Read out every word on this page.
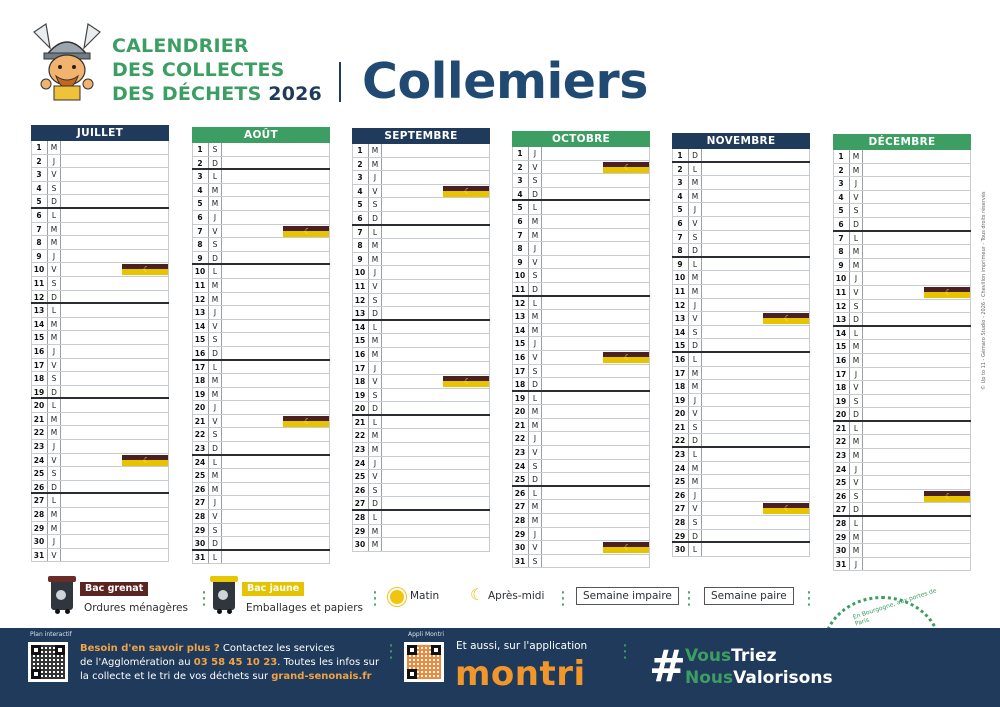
CALENDRIER
DES COLLECTES
DES DÉCHETS 2026 Collemiers
JUILLET
1	M
2	J
3	V
4	S
5	D
6	L
7	M
8	M
9	J
10 V	☾
11 S
12 D
13	L
14 M
15 M
16	J
17 V
18 S
19 D
20	L
21 M
22 M
23	J
24 V	☾
25 S
26 D
27	L
28 M
29 M
30	J
31 V
AOÛT
1	S
2	D
3	L
4	M
5	M
6	J
7	V	☾
8	S
9	D
10	L
11 M
12 M
13	J
14 V
15 S
16 D
17	L
18 M
19 M
20	J
21 V	☾
22 S
23 D
24	L
25 M
26 M
27	J
28 V
29 S
30 D
31	L
SEPTEMBRE
1	M
2	M
3	J
4	V	☾
5	S
6	D
7	L
8	M
9	M
10	J
11 V
12 S
13 D
14	L
15 M
16 M
17	J
18 V	☾
19 S
20 D
21	L
22 M
23 M
24	J
25 V
26 S
27 D
28	L
29 M
30 M
OCTOBRE
1	J
2	V	☾
3	S
4	D
5	L
6	M
7	M
8	J
9	V
10 S
11 D
12	L
13 M
14 M
15	J
16 V	☾
17 S
18 D
19	L
20 M
21 M
22	J
23 V
24 S
25 D
26	L
27 M
28 M
29	J
30 V	☾
31 S
NOVEMBRE
1	D
2	L
3	M
4	M
5	J
6	V
7	S
8	D
9	L
10 M
11 M
12	J
13 V	☾
14 S
15 D
16	L
17 M
18 M
19	J
20 V
21 S
22 D
23	L
24 M
25 M
26	J
27 V	☾
28 S
29 D
30	L
DÉCEMBRE
1	M
2	M
3	J
4	V
5	S
6	D
7	L
8	M
9	M
10	J
11 V	☾
12 S
13 D
14	L
15 M
16 M
17	J
18 V
19 S
20 D
21	L
22 M
23 M
24	J
25 V
26 S	☾
27 D
28	L
29 M
30 M
31	J
Bac grenat
Ordures ménagères ⋮	Bac jaune
Emballages et papiers ⋮ Matin ☾ Après-midi ⋮	Semaine impaire ⋮	Semaine paire ⋮	En Bourgogne, aux portes de Paris
Plan interactif
Besoin d'en savoir plus ? Contactez les services
de l'Agglomération au 03 58 45 10 23. Toutes les infos sur
la collecte et le tri de vos déchets sur grand-senonais.fr
⋮
Appli Montri
Et aussi, sur l'application
montri
⋮ # VousTriez
NousValorisons
© Up to 11 - Gémaro Studio - 2026 - Chevillon imprimeur - Tous droits réservés
